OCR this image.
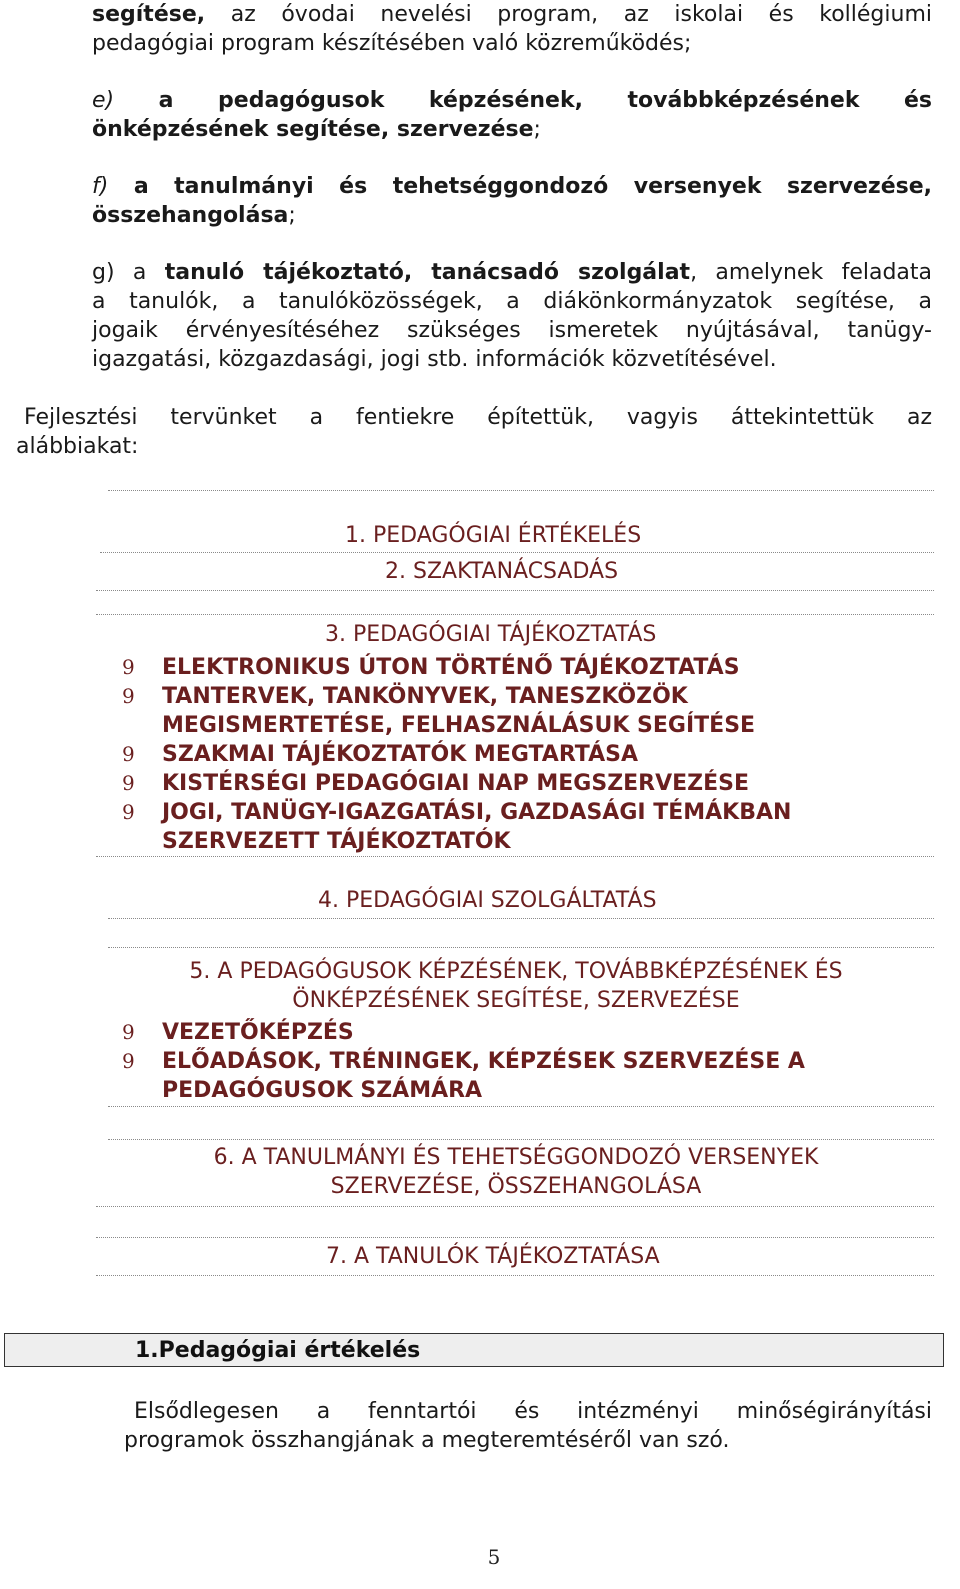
segítése, az óvodai nevelési program, az iskolai és kollégiumi
pedagógiai program készítésében való közreműködés;
e) a pedagógusok képzésének, továbbképzésének és
önképzésének segítése, szervezése;
f) a tanulmányi és tehetséggondozó versenyek szervezése,
összehangolása;
g) a tanuló tájékoztató, tanácsadó szolgálat, amelynek feladata
a tanulók, a tanulóközösségek, a diákönkormányzatok segítése, a
jogaik érvényesítéséhez szükséges ismeretek nyújtásával, tanügy-
igazgatási, közgazdasági, jogi stb. információk közvetítésével.
Fejlesztési tervünket a fentiekre építettük, vagyis áttekintettük az
alábbiakat:
1. PEDAGÓGIAI ÉRTÉKELÉS
2. SZAKTANÁCSADÁS
3. PEDAGÓGIAI TÁJÉKOZTATÁS
9 ELEKTRONIKUS ÚTON TÖRTÉNŐ TÁJÉKOZTATÁS
9 TANTERVEK, TANKÖNYVEK, TANESZKÖZÖK
MEGISMERTETÉSE, FELHASZNÁLÁSUK SEGÍTÉSE
9 SZAKMAI TÁJÉKOZTATÓK MEGTARTÁSA
9 KISTÉRSÉGI PEDAGÓGIAI NAP MEGSZERVEZÉSE
9 JOGI, TANÜGY-IGAZGATÁSI, GAZDASÁGI TÉMÁKBAN
SZERVEZETT TÁJÉKOZTATÓK
4. PEDAGÓGIAI SZOLGÁLTATÁS
5. A PEDAGÓGUSOK KÉPZÉSÉNEK, TOVÁBBKÉPZÉSÉNEK ÉS
ÖNKÉPZÉSÉNEK SEGÍTÉSE, SZERVEZÉSE
9 VEZETŐKÉPZÉS
9 ELŐADÁSOK, TRÉNINGEK, KÉPZÉSEK SZERVEZÉSE A
PEDAGÓGUSOK SZÁMÁRA
6. A TANULMÁNYI ÉS TEHETSÉGGONDOZÓ VERSENYEK
SZERVEZÉSE, ÖSSZEHANGOLÁSA
7. A TANULÓK TÁJÉKOZTATÁSA
1.Pedagógiai értékelés
Elsődlegesen a fenntartói és intézményi minőségirányítási
programok összhangjának a megteremtéséről van szó.
5
